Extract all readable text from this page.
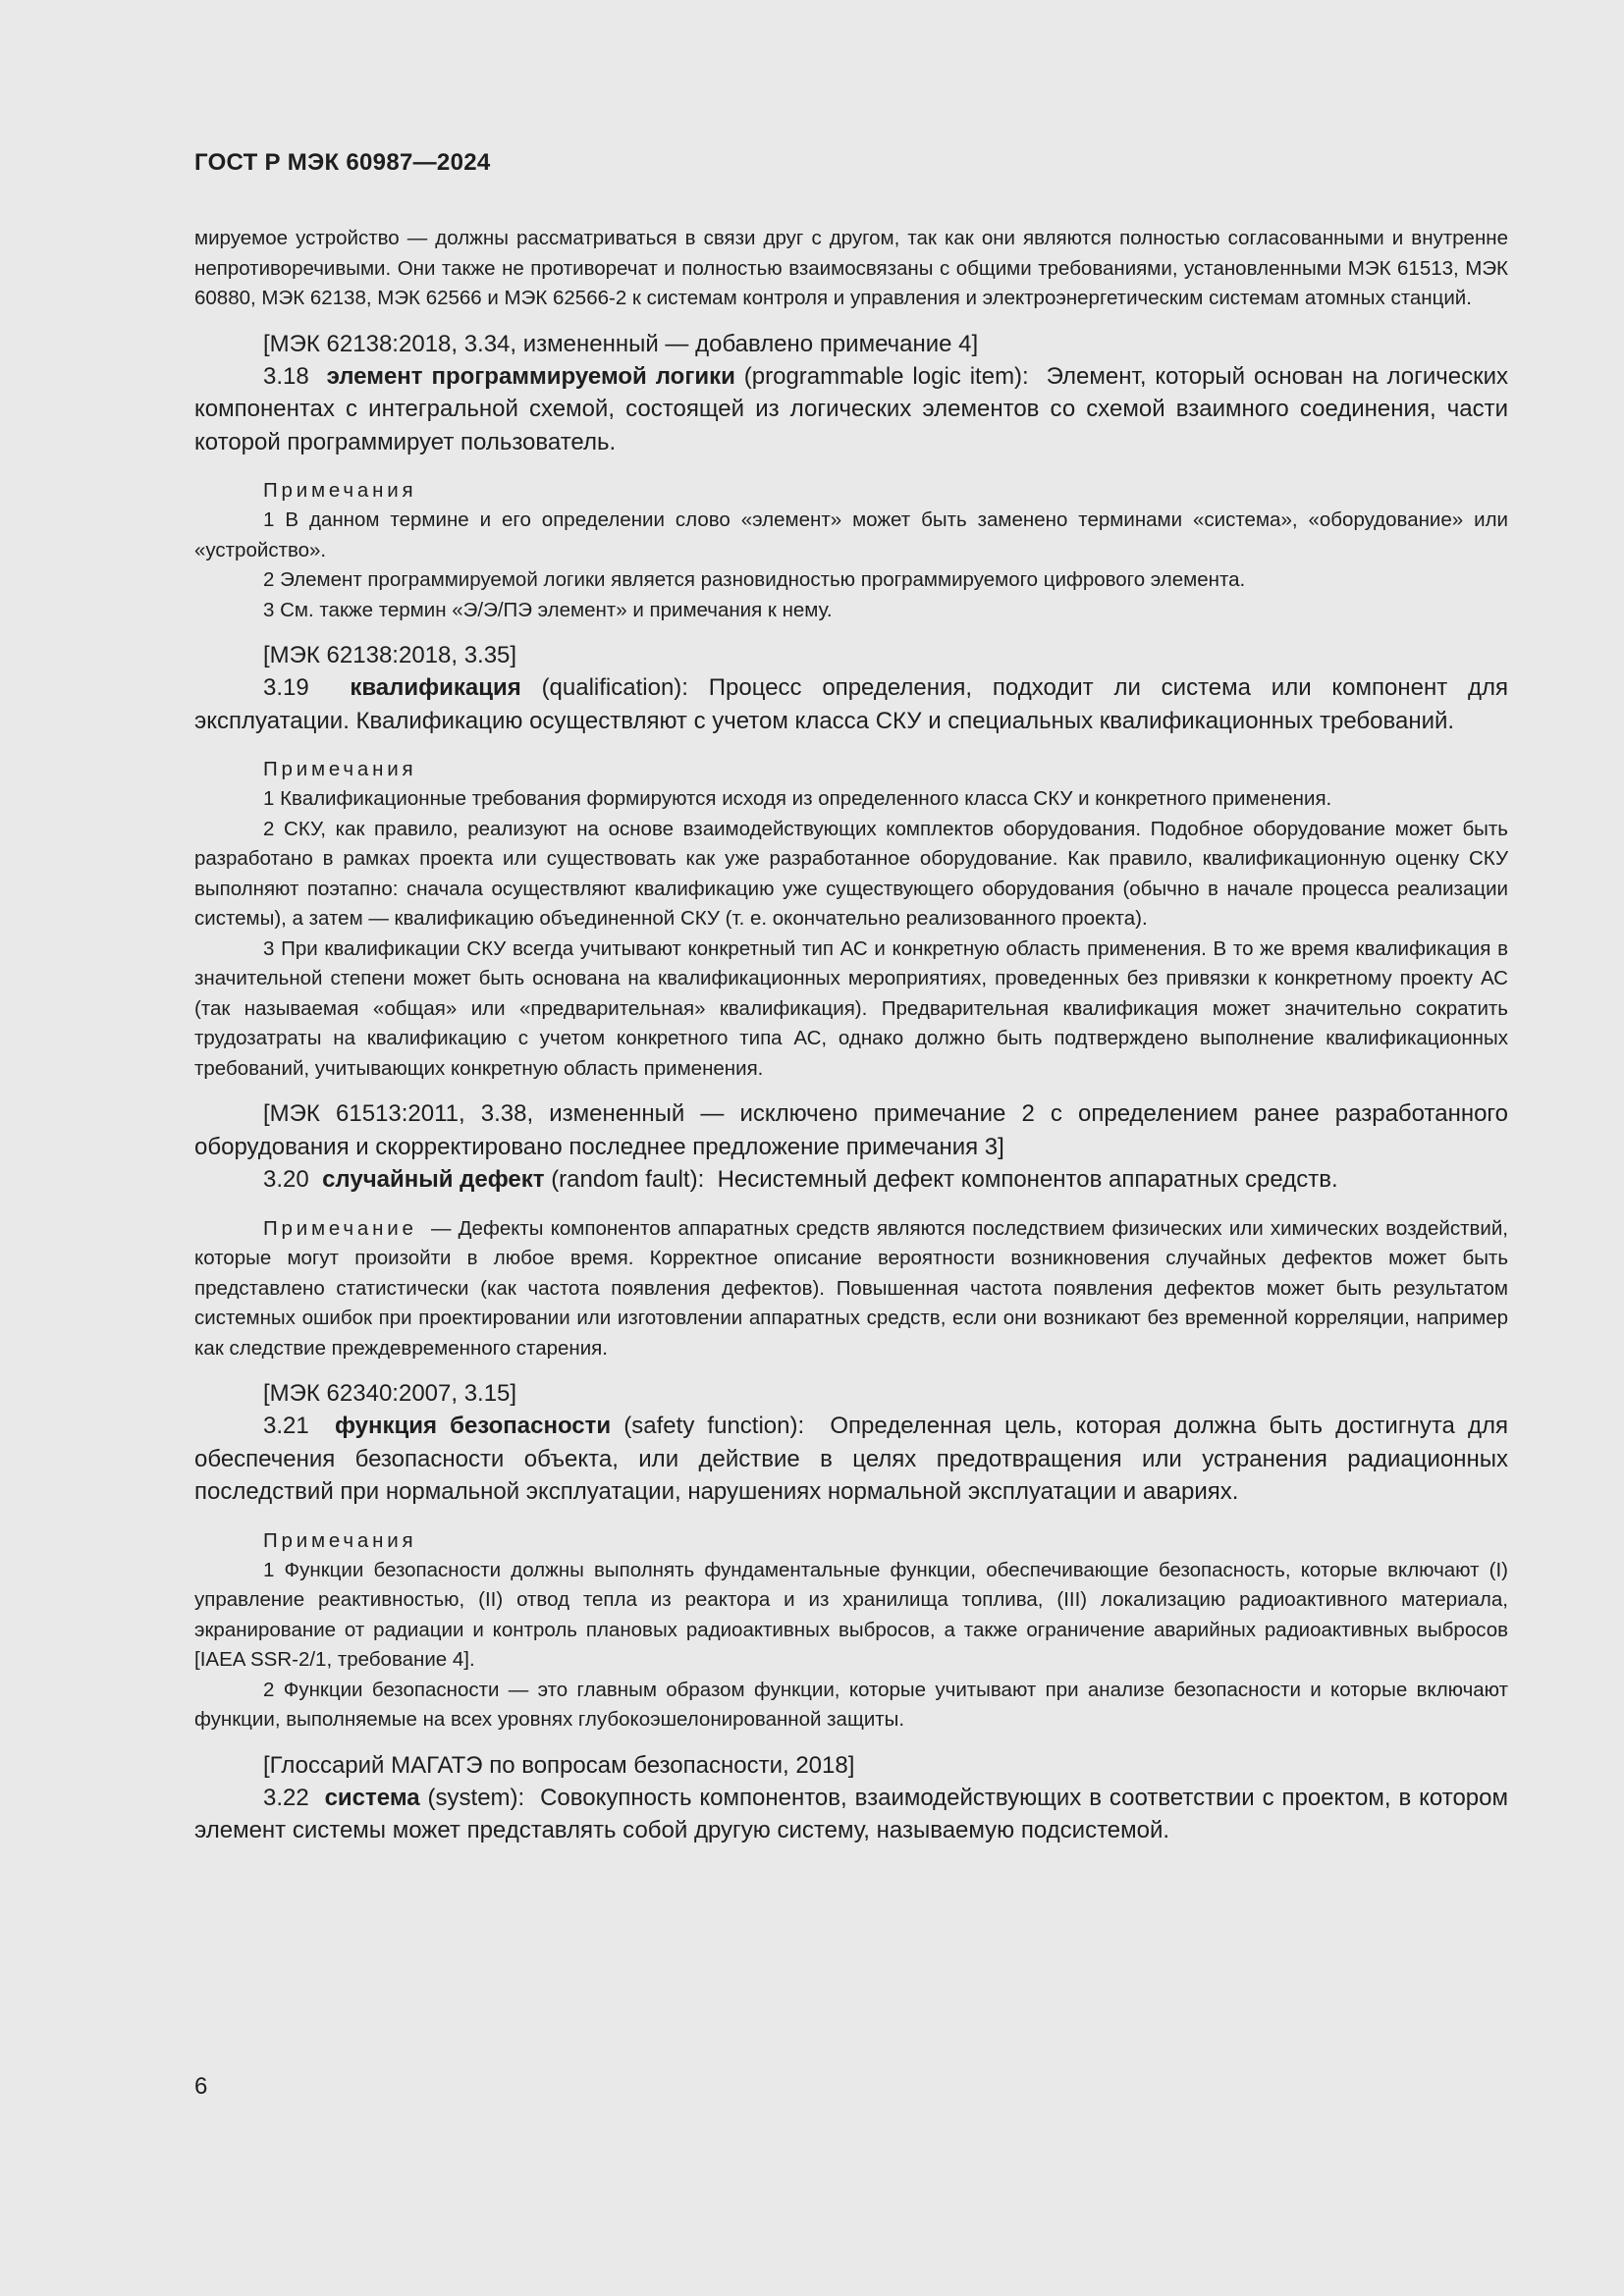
ГОСТ Р МЭК 60987—2024

мируемое устройство — должны рассматриваться в связи друг с другом, так как они являются полностью согласованными и внутренне непротиворечивыми. Они также не противоречат и полностью взаимосвязаны с общими требованиями, установленными МЭК 61513, МЭК 60880, МЭК 62138, МЭК 62566 и МЭК 62566-2 к системам контроля и управления и электроэнергетическим системам атомных станций.

[МЭК 62138:2018, 3.34, измененный — добавлено примечание 4]

3.18 элемент программируемой логики (programmable logic item): Элемент, который основан на логических компонентах с интегральной схемой, состоящей из логических элементов со схемой взаимного соединения, части которой программирует пользователь.

Примечания

1 В данном термине и его определении слово «элемент» может быть заменено терминами «система», «оборудование» или «устройство».

2 Элемент программируемой логики является разновидностью программируемого цифрового элемента.

3 См. также термин «Э/Э/ПЭ элемент» и примечания к нему.

[МЭК 62138:2018, 3.35]

3.19 квалификация (qualification): Процесс определения, подходит ли система или компонент для эксплуатации. Квалификацию осуществляют с учетом класса СКУ и специальных квалификационных требований.

Примечания

1 Квалификационные требования формируются исходя из определенного класса СКУ и конкретного применения.

2 СКУ, как правило, реализуют на основе взаимодействующих комплектов оборудования. Подобное оборудование может быть разработано в рамках проекта или существовать как уже разработанное оборудование. Как правило, квалификационную оценку СКУ выполняют поэтапно: сначала осуществляют квалификацию уже существующего оборудования (обычно в начале процесса реализации системы), а затем — квалификацию объединенной СКУ (т. е. окончательно реализованного проекта).

3 При квалификации СКУ всегда учитывают конкретный тип АС и конкретную область применения. В то же время квалификация в значительной степени может быть основана на квалификационных мероприятиях, проведенных без привязки к конкретному проекту АС (так называемая «общая» или «предварительная» квалификация). Предварительная квалификация может значительно сократить трудозатраты на квалификацию с учетом конкретного типа АС, однако должно быть подтверждено выполнение квалификационных требований, учитывающих конкретную область применения.

[МЭК 61513:2011, 3.38, измененный — исключено примечание 2 с определением ранее разработанного оборудования и скорректировано последнее предложение примечания 3]

3.20 случайный дефект (random fault): Несистемный дефект компонентов аппаратных средств.

Примечание — Дефекты компонентов аппаратных средств являются последствием физических или химических воздействий, которые могут произойти в любое время. Корректное описание вероятности возникновения случайных дефектов может быть представлено статистически (как частота появления дефектов). Повышенная частота появления дефектов может быть результатом системных ошибок при проектировании или изготовлении аппаратных средств, если они возникают без временной корреляции, например как следствие преждевременного старения.

[МЭК 62340:2007, 3.15]

3.21 функция безопасности (safety function): Определенная цель, которая должна быть достигнута для обеспечения безопасности объекта, или действие в целях предотвращения или устранения радиационных последствий при нормальной эксплуатации, нарушениях нормальной эксплуатации и авариях.

Примечания

1 Функции безопасности должны выполнять фундаментальные функции, обеспечивающие безопасность, которые включают (I) управление реактивностью, (II) отвод тепла из реактора и из хранилища топлива, (III) локализацию радиоактивного материала, экранирование от радиации и контроль плановых радиоактивных выбросов, а также ограничение аварийных радиоактивных выбросов [IAEA SSR-2/1, требование 4].

2 Функции безопасности — это главным образом функции, которые учитывают при анализе безопасности и которые включают функции, выполняемые на всех уровнях глубокоэшелонированной защиты.

[Глоссарий МАГАТЭ по вопросам безопасности, 2018]

3.22 система (system): Совокупность компонентов, взаимодействующих в соответствии с проектом, в котором элемент системы может представлять собой другую систему, называемую подсистемой.

6
